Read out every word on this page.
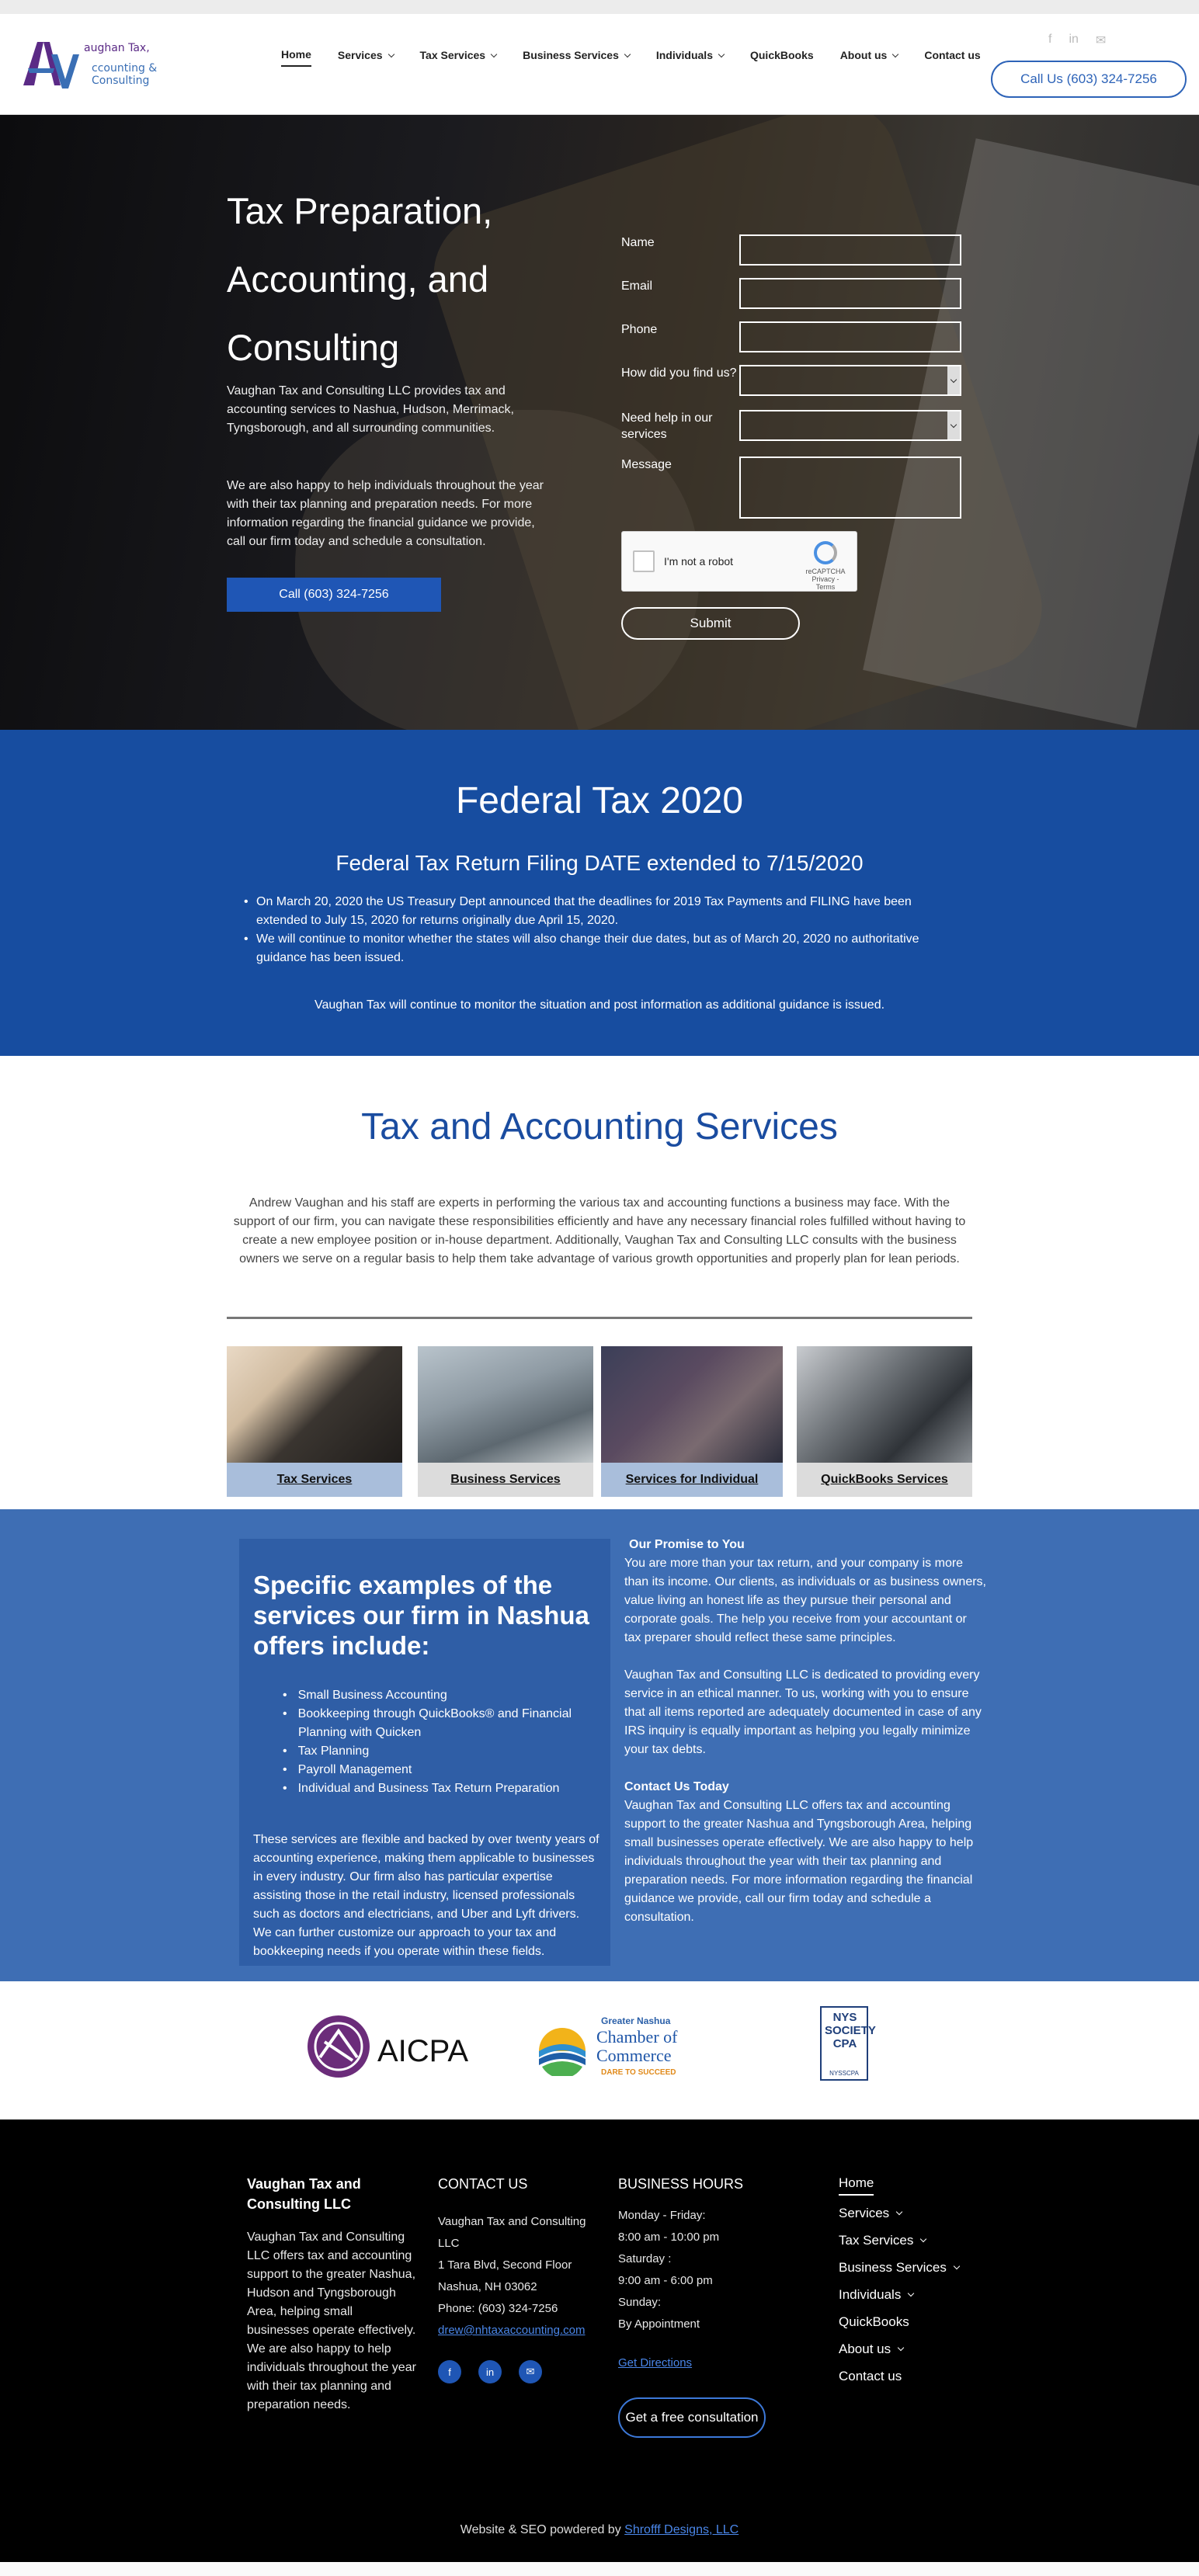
aughan Tax,
ccounting & Consulting
Home Services	Tax Services	Business Services	Individuals	QuickBooks About us	Contact us
f in ✉
Call Us (603) 324-7256
Tax Preparation, Accounting, and Consulting

Vaughan Tax and Consulting LLC provides tax and accounting services to Nashua, Hudson, Merrimack, Tyngsborough, and all surrounding communities.

We are also happy to help individuals throughout the year with their tax planning and preparation needs. For more information regarding the financial guidance we provide, call our firm today and schedule a consultation.

Call (603) 324-7256
Get your free initial consultation !
Name
Email
Phone
How did you find us?
Need help in our services
Message
I'm not a robot
reCAPTCHA
Privacy - Terms
Submit
Federal Tax 2020
Federal Tax Return Filing DATE extended to 7/15/2020
• On March 20, 2020 the US Treasury Dept announced that the deadlines for 2019 Tax Payments and FILING have been extended to July 15, 2020 for returns originally due April 15, 2020.
• We will continue to monitor whether the states will also change their due dates, but as of March 20, 2020 no authoritative guidance has been issued.

Vaughan Tax will continue to monitor the situation and post information as additional guidance is issued.

Tax and Accounting Services

Andrew Vaughan and his staff are experts in performing the various tax and accounting functions a business may face. With the support of our firm, you can navigate these responsibilities efficiently and have any necessary financial roles fulfilled without having to create a new employee position or in-house department. Additionally, Vaughan Tax and Consulting LLC consults with the business owners we serve on a regular basis to help them take advantage of various growth opportunities and properly plan for lean periods.

Tax Services	Business Services	Services for Individual	QuickBooks Services
Specific examples of the services our firm in Nashua offers include:
• Small Business Accounting
• Bookkeeping through QuickBooks® and Financial Planning with Quicken
• Tax Planning
• Payroll Management
• Individual and Business Tax Return Preparation

These services are flexible and backed by over twenty years of accounting experience, making them applicable to businesses in every industry. Our firm also has particular expertise assisting those in the retail industry, licensed professionals such as doctors and electricians, and Uber and Lyft drivers. We can further customize our approach to your tax and bookkeeping needs if you operate within these fields.

Our Promise to You

You are more than your tax return, and your company is more than its income. Our clients, as individuals or as business owners, value living an honest life as they pursue their personal and corporate goals. The help you receive from your accountant or tax preparer should reflect these same principles.

Vaughan Tax and Consulting LLC is dedicated to providing every service in an ethical manner. To us, working with you to ensure that all items reported are adequately documented in case of any IRS inquiry is equally important as helping you legally minimize your tax debts.

Contact Us Today

Vaughan Tax and Consulting LLC offers tax and accounting support to the greater Nashua and Tyngsborough Area, helping small businesses operate effectively. We are also happy to help individuals throughout the year with their tax planning and preparation needs. For more information regarding the financial guidance we provide, call our firm today and schedule a consultation.

AICPA
Greater Nashua
Chamber of Commerce
DARE TO SUCCEED
NYS SOCIETY CPA
NYSSCPA
Vaughan Tax and Consulting LLC

Vaughan Tax and Consulting LLC offers tax and accounting support to the greater Nashua, Hudson and Tyngsborough Area, helping small businesses operate effectively. We are also happy to help individuals throughout the year with their tax planning and preparation needs.

CONTACT US

Vaughan Tax and Consulting LLC

1 Tara Blvd, Second Floor

Nashua, NH 03062

Phone: (603) 324-7256

drew@nhtaxaccounting.com
f	in	✉
BUSINESS HOURS

Monday - Friday:

8:00 am - 10:00 pm

Saturday :

9:00 am - 6:00 pm

Sunday:

By Appointment

Get Directions
Get a free consultation
Home
Services
Tax Services
Business Services
Individuals
QuickBooks
About us
Contact us

Website & SEO powdered by Shrofff Designs, LLC
